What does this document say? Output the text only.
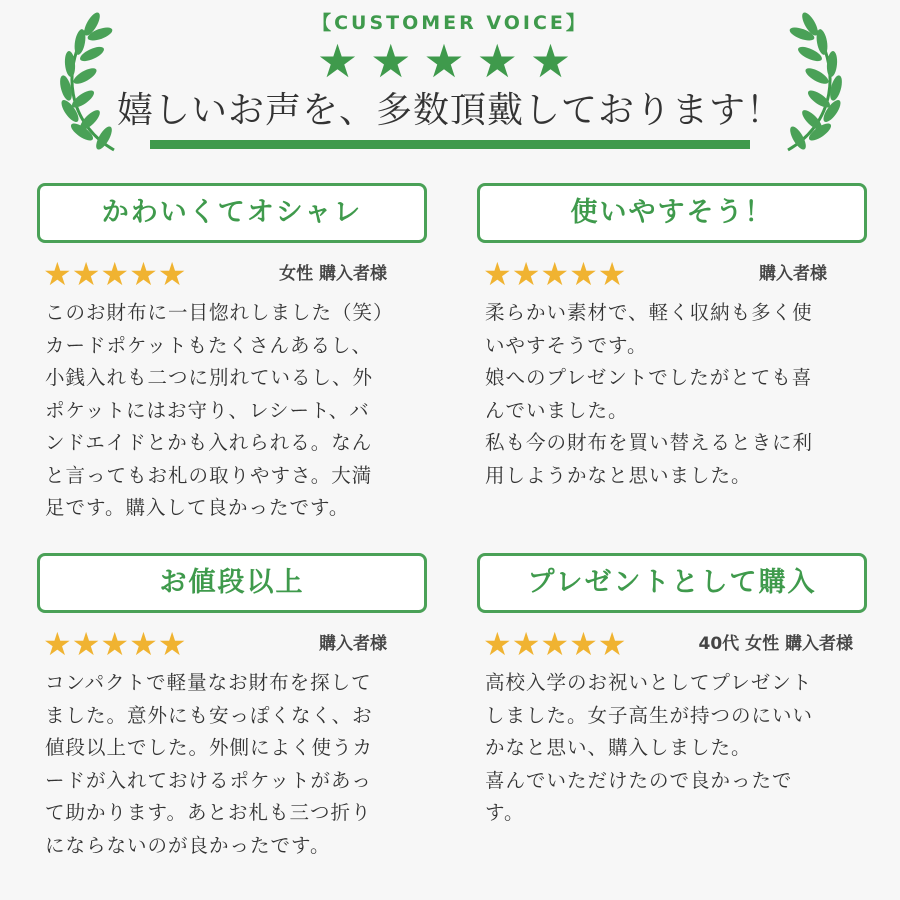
【CUSTOMER VOICE】
★★★★★
嬉しいお声を、多数頂戴しております！
かわいくてオシャレ
★★★★★	女性 購入者様
このお財布に一目惚れしました（笑）
カードポケットもたくさんあるし、
小銭入れも二つに別れているし、外
ポケットにはお守り、レシート、バ
ンドエイドとかも入れられる。なん
と言ってもお札の取りやすさ。大満
足です。購入して良かったです。
使いやすそう！
★★★★★	購入者様
柔らかい素材で、軽く収納も多く使
いやすそうです。
娘へのプレゼントでしたがとても喜
んでいました。
私も今の財布を買い替えるときに利
用しようかなと思いました。
お値段以上
★★★★★	購入者様
コンパクトで軽量なお財布を探して
ました。意外にも安っぽくなく、お
値段以上でした。外側によく使うカ
ードが入れておけるポケットがあっ
て助かります。あとお札も三つ折り
にならないのが良かったです。
プレゼントとして購入
★★★★★	40代 女性 購入者様
高校入学のお祝いとしてプレゼント
しました。女子高生が持つのにいい
かなと思い、購入しました。
喜んでいただけたので良かったで
す。
